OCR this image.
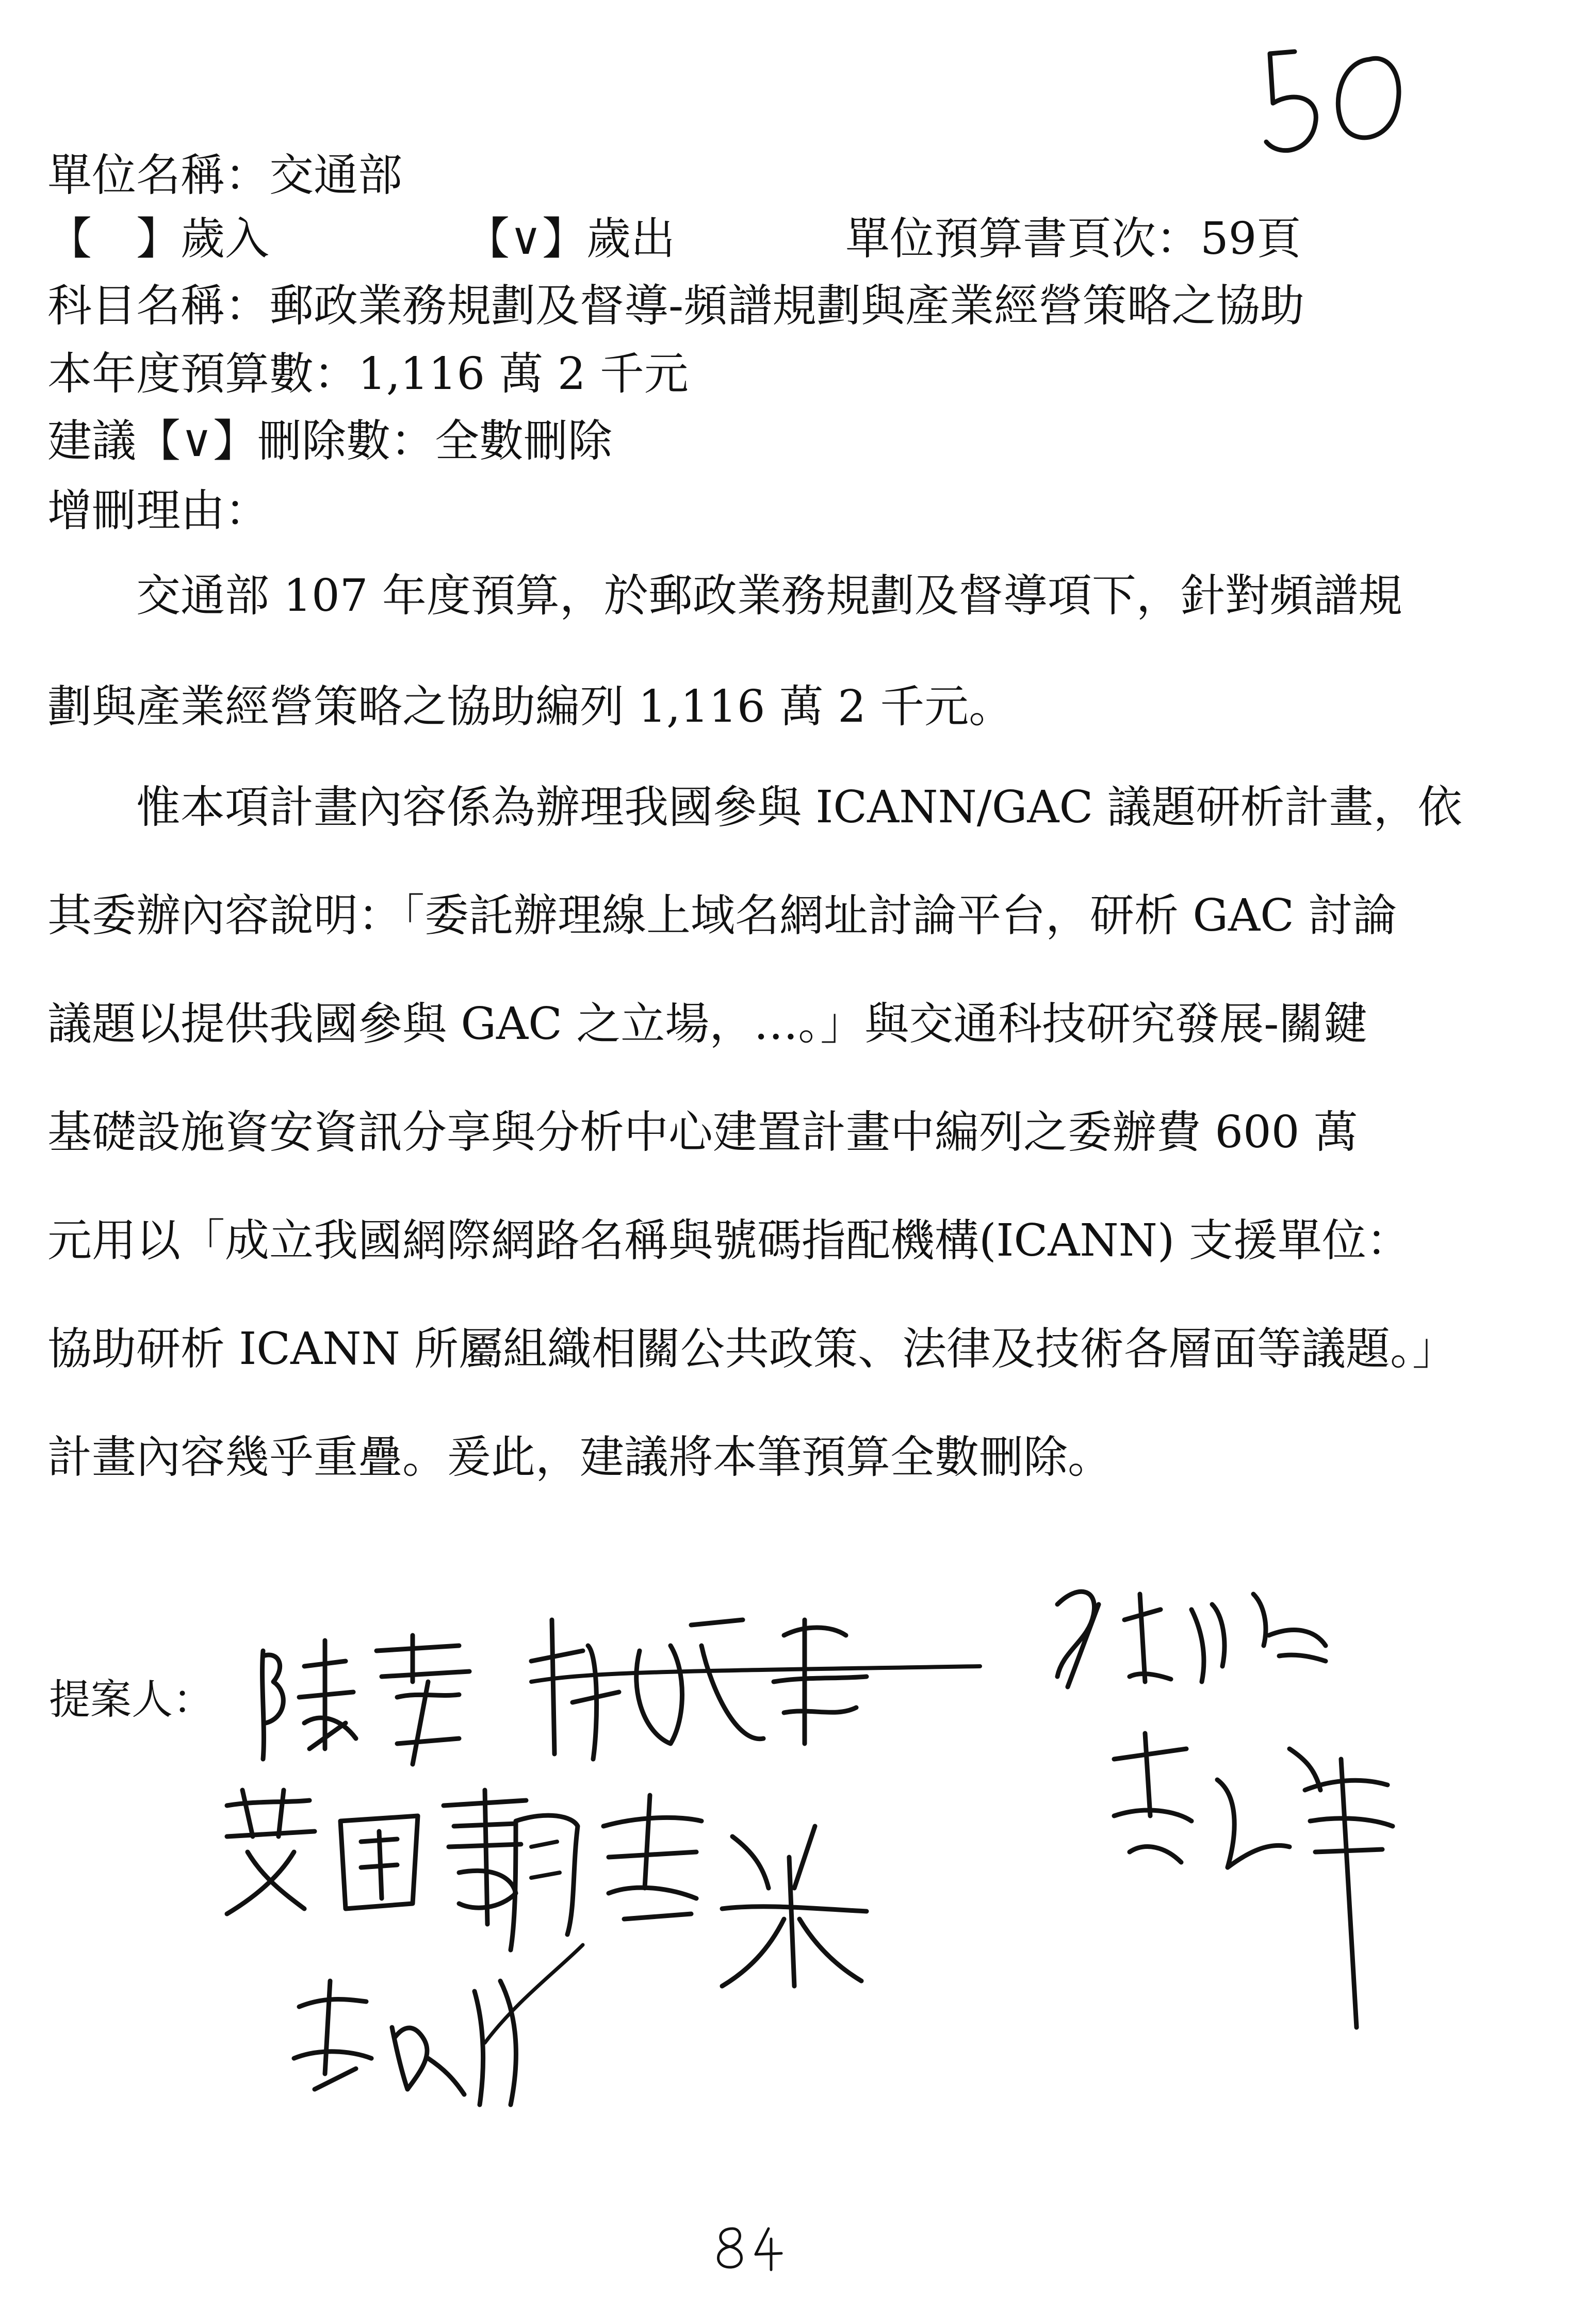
單位名稱：交通部
【　】歲入	【∨】歲出	單位預算書頁次：59頁
科目名稱：郵政業務規劃及督導-頻譜規劃與產業經營策略之協助
本年度預算數：1,116 萬 2 千元
建議【∨】刪除數：全數刪除
增刪理由：
　　交通部 107 年度預算，於郵政業務規劃及督導項下，針對頻譜規
劃與產業經營策略之協助編列 1,116 萬 2 千元。
　　惟本項計畫內容係為辦理我國參與 ICANN/GAC 議題研析計畫，依
其委辦內容說明：「委託辦理線上域名網址討論平台，研析 GAC 討論
議題以提供我國參與 GAC 之立場，…。」與交通科技研究發展-關鍵
基礎設施資安資訊分享與分析中心建置計畫中編列之委辦費 600 萬
元用以「成立我國網際網路名稱與號碼指配機構(ICANN) 支援單位：
協助研析 ICANN 所屬組織相關公共政策、法律及技術各層面等議題。」
計畫內容幾乎重疊。爰此，建議將本筆預算全數刪除。
提案人：
